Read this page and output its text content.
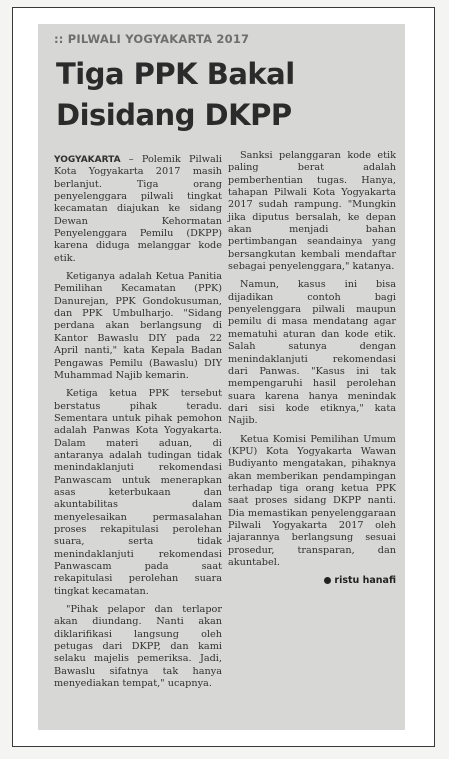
:: PILWALI YOGYAKARTA 2017
Tiga PPK Bakal
Disidang DKPP

YOGYAKARTA – Polemik Pilwali Kota Yogyakarta 2017 masih berlanjut. Tiga orang penyelenggara pilwali tingkat kecamatan diajukan ke sidang Dewan Kehormatan Penyelenggara Pemilu (DKPP) karena diduga melanggar kode etik.

Ketiganya adalah Ketua Panitia Pemilihan Kecamatan (PPK) Danurejan, PPK Gondokusuman, dan PPK Umbulharjo. "Sidang perdana akan berlangsung di Kantor Bawaslu DIY pada 22 April nanti," kata Kepala Badan Pengawas Pemilu (Bawaslu) DIY Muhammad Najib kemarin.

Ketiga ketua PPK tersebut berstatus pihak teradu. Sementara untuk pihak pemohon adalah Panwas Kota Yogyakarta. Dalam materi aduan, di antaranya adalah tudingan tidak menindaklanjuti rekomendasi Panwascam untuk menerapkan asas keterbukaan dan akuntabilitas dalam menyelesaikan permasalahan proses rekapitulasi perolehan suara, serta tidak menindaklanjuti rekomendasi Panwascam pada saat rekapitulasi perolehan suara tingkat kecamatan.

"Pihak pelapor dan terlapor akan diundang. Nanti akan diklarifikasi langsung oleh petugas dari DKPP, dan kami selaku majelis pemeriksa. Jadi, Bawaslu sifatnya tak hanya menyediakan tempat," ucapnya.

Sanksi pelanggaran kode etik paling berat adalah pemberhentian tugas. Hanya, tahapan Pilwali Kota Yogyakarta 2017 sudah rampung. "Mungkin jika diputus bersalah, ke depan akan menjadi bahan pertimbangan seandainya yang bersangkutan kembali mendaftar sebagai penyelenggara," katanya.

Namun, kasus ini bisa dijadikan contoh bagi penyelenggara pilwali maupun pemilu di masa mendatang agar mematuhi aturan dan kode etik. Salah satunya dengan menindaklanjuti rekomendasi dari Panwas. "Kasus ini tak mempengaruhi hasil perolehan suara karena hanya menindak dari sisi kode etiknya," kata Najib.

Ketua Komisi Pemilihan Umum (KPU) Kota Yogyakarta Wawan Budiyanto mengatakan, pihaknya akan memberikan pendampingan terhadap tiga orang ketua PPK saat proses sidang DKPP nanti. Dia memastikan penyelenggaraan Pilwali Yogyakarta 2017 oleh jajarannya berlangsung sesuai prosedur, transparan, dan akuntabel.

ristu hanafi
